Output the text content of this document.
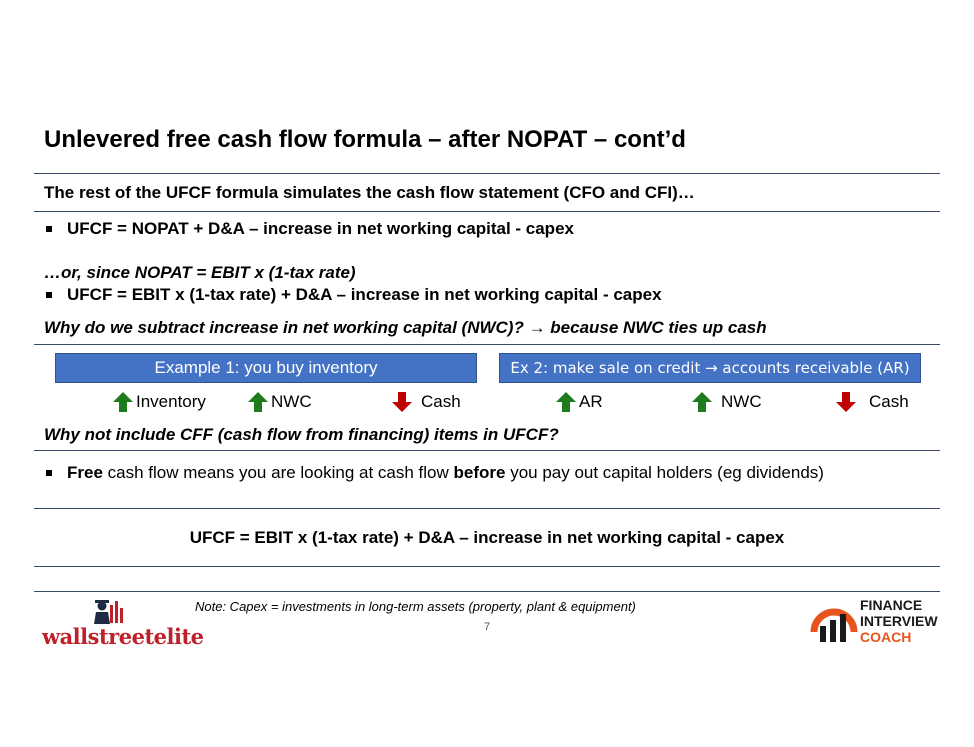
Unlevered free cash flow formula – after NOPAT – cont’d
The rest of the UFCF formula simulates the cash flow statement (CFO and CFI)…
UFCF = NOPAT + D&A – increase in net working capital - capex
…or, since NOPAT = EBIT x (1-tax rate)
UFCF = EBIT x (1-tax rate) + D&A – increase in net working capital - capex
Why do we subtract increase in net working capital (NWC)? → because NWC ties up cash
Example 1: you buy inventory	Ex 2: make sale on credit → accounts receivable (AR)
Inventory	NWC	Cash	AR	NWC	Cash
Why not include CFF (cash flow from financing) items in UFCF?
Free cash flow means you are looking at cash flow before you pay out capital holders (eg dividends)
UFCF = EBIT x (1-tax rate) + D&A – increase in net working capital - capex
Note: Capex = investments in long-term assets (property, plant & equipment)
7
wallstreetelite
FINANCE
INTERVIEW
COACH
